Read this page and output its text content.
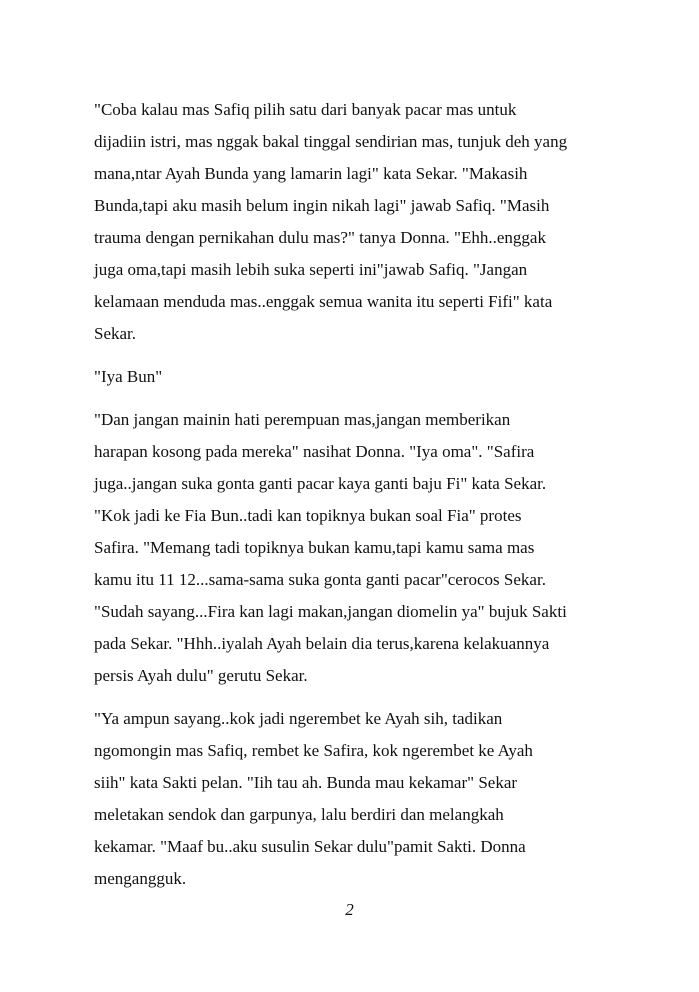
"Coba kalau mas Safiq pilih satu dari banyak pacar mas untuk
dijadiin istri, mas nggak bakal tinggal sendirian mas, tunjuk deh yang
mana,ntar Ayah Bunda yang lamarin lagi" kata Sekar. "Makasih
Bunda,tapi aku masih belum ingin nikah lagi" jawab Safiq. "Masih
trauma dengan pernikahan dulu mas?" tanya Donna. "Ehh..enggak
juga oma,tapi masih lebih suka seperti ini"jawab Safiq. "Jangan
kelamaan menduda mas..enggak semua wanita itu seperti Fifi" kata
Sekar.
"Iya Bun"
"Dan jangan mainin hati perempuan mas,jangan memberikan
harapan kosong pada mereka" nasihat Donna. "Iya oma". "Safira
juga..jangan suka gonta ganti pacar kaya ganti baju Fi" kata Sekar.
"Kok jadi ke Fia Bun..tadi kan topiknya bukan soal Fia" protes
Safira. "Memang tadi topiknya bukan kamu,tapi kamu sama mas
kamu itu 11 12...sama-sama suka gonta ganti pacar"cerocos Sekar.
"Sudah sayang...Fira kan lagi makan,jangan diomelin ya" bujuk Sakti
pada Sekar. "Hhh..iyalah Ayah belain dia terus,karena kelakuannya
persis Ayah dulu" gerutu Sekar.
"Ya ampun sayang..kok jadi ngerembet ke Ayah sih, tadikan
ngomongin mas Safiq, rembet ke Safira, kok ngerembet ke Ayah
siih" kata Sakti pelan. "Iih tau ah. Bunda mau kekamar" Sekar
meletakan sendok dan garpunya, lalu berdiri dan melangkah
kekamar. "Maaf bu..aku susulin Sekar dulu"pamit Sakti. Donna
mengangguk.
2
